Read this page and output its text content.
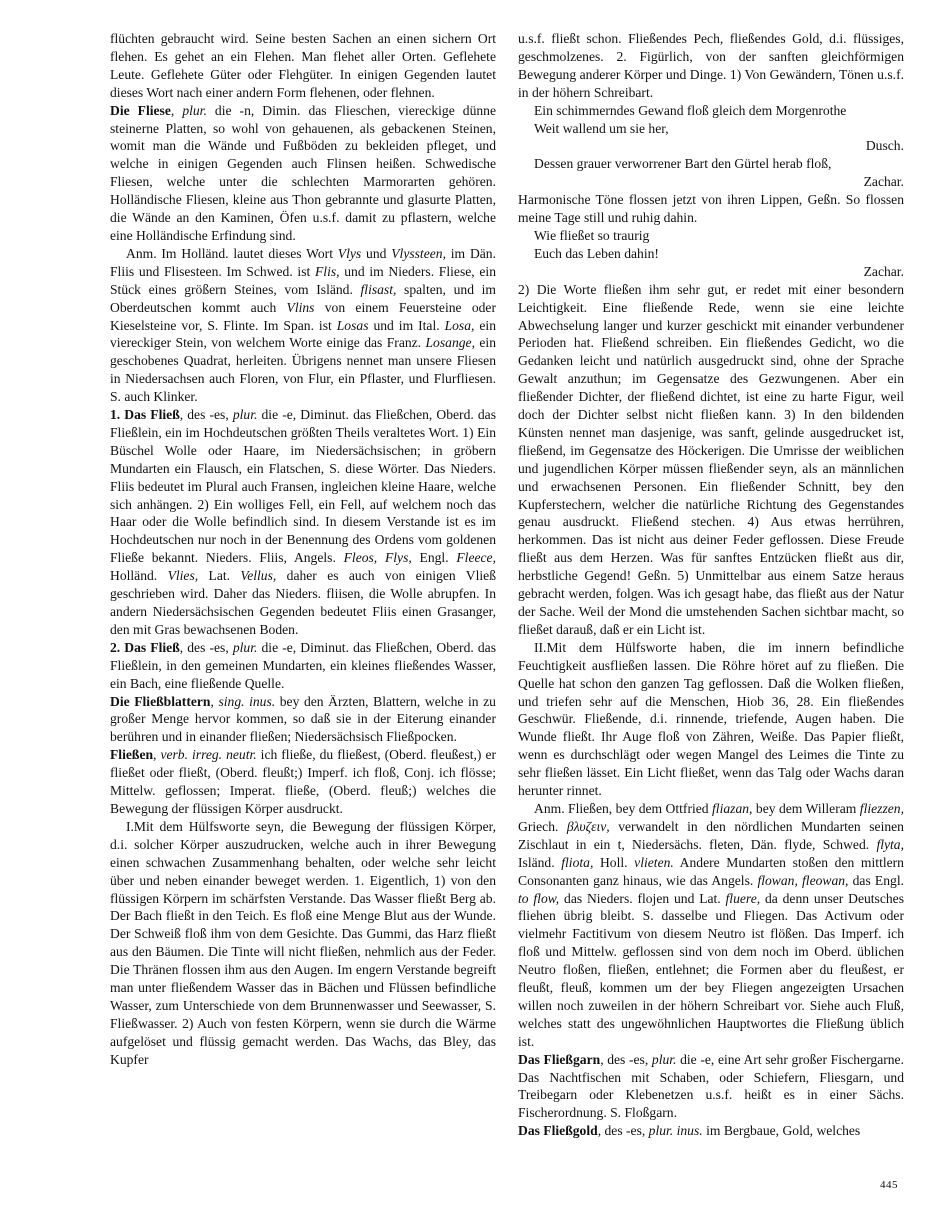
flüchten gebraucht wird. Seine besten Sachen an einen sichern Ort flehen. Es gehet an ein Flehen. Man flehet aller Orten. Geflehete Leute. Geflehete Güter oder Flehgüter. In einigen Gegenden lautet dieses Wort nach einer andern Form flehenen, oder flehnen.

Die Fliese, plur. die -n, Dimin. das Flieschen, viereckige dünne steinerne Platten, so wohl von gehauenen, als gebackenen Steinen, womit man die Wände und Fußböden zu bekleiden pfleget, und welche in einigen Gegenden auch Flinsen heißen. Schwedische Fliesen, welche unter die schlechten Marmorarten gehören. Holländische Fliesen, kleine aus Thon gebrannte und glasurte Platten, die Wände an den Kaminen, Öfen u.s.f. damit zu pflastern, welche eine Holländische Erfindung sind.

Anm. Im Holländ. lautet dieses Wort Vlys und Vlyssteen, im Dän. Fliis und Flisesteen. Im Schwed. ist Flis, und im Nieders. Fliese, ein Stück eines größern Steines, vom Isländ. flisast, spalten, und im Oberdeutschen kommt auch Vlins von einem Feuersteine oder Kieselsteine vor, S. Flinte. Im Span. ist Losas und im Ital. Losa, ein viereckiger Stein, von welchem Worte einige das Franz. Losange, ein geschobenes Quadrat, herleiten. Übrigens nennet man unsere Fliesen in Niedersachsen auch Floren, von Flur, ein Pflaster, und Flurfliesen. S. auch Klinker.

1. Das Fließ, des -es, plur. die -e, Diminut. das Fließchen, Oberd. das Fließlein, ein im Hochdeutschen größten Theils veraltetes Wort. 1) Ein Büschel Wolle oder Haare, im Niedersächsischen; in gröbern Mundarten ein Flausch, ein Flatschen, S. diese Wörter. Das Nieders. Fliis bedeutet im Plural auch Fransen, ingleichen kleine Haare, welche sich anhängen. 2) Ein wolliges Fell, ein Fell, auf welchem noch das Haar oder die Wolle befindlich sind. In diesem Verstande ist es im Hochdeutschen nur noch in der Benennung des Ordens vom goldenen Fließe bekannt. Nieders. Fliis, Angels. Fleos, Flys, Engl. Fleece, Holländ. Vlies, Lat. Vellus, daher es auch von einigen Vließ geschrieben wird. Daher das Nieders. fliisen, die Wolle abrupfen. In andern Niedersächsischen Gegenden bedeutet Fliis einen Grasanger, den mit Gras bewachsenen Boden.

2. Das Fließ, des -es, plur. die -e, Diminut. das Fließchen, Oberd. das Fließlein, in den gemeinen Mundarten, ein kleines fließendes Wasser, ein Bach, eine fließende Quelle.

Die Fließblattern, sing. inus. bey den Ärzten, Blattern, welche in zu großer Menge hervor kommen, so daß sie in der Eiterung einander berühren und in einander fließen; Niedersächsisch Fließpocken.

Fließen, verb. irreg. neutr. ich fließe, du fließest, (Oberd. fleußest,) er fließet oder fließt, (Oberd. fleußt;) Imperf. ich floß, Conj. ich flösse; Mittelw. geflossen; Imperat. fließe, (Oberd. fleuß;) welches die Bewegung der flüssigen Körper ausdruckt.

I.Mit dem Hülfsworte seyn, die Bewegung der flüssigen Körper, d.i. solcher Körper auszudrucken, welche auch in ihrer Bewegung einen schwachen Zusammenhang behalten, oder welche sehr leicht über und neben einander beweget werden. 1. Eigentlich, 1) von den flüssigen Körpern im schärfsten Verstande. Das Wasser fließt Berg ab. Der Bach fließt in den Teich. Es floß eine Menge Blut aus der Wunde. Der Schweiß floß ihm von dem Gesichte. Das Gummi, das Harz fließt aus den Bäumen. Die Tinte will nicht fließen, nehmlich aus der Feder. Die Thränen flossen ihm aus den Augen. Im engern Verstande begreift man unter fließendem Wasser das in Bächen und Flüssen befindliche Wasser, zum Unterschiede von dem Brunnenwasser und Seewasser, S. Fließwasser. 2) Auch von festen Körpern, wenn sie durch die Wärme aufgelöset und flüssig gemacht werden. Das Wachs, das Bley, das Kupfer

u.s.f. fließt schon. Fließendes Pech, fließendes Gold, d.i. flüssiges, geschmolzenes. 2. Figürlich, von der sanften gleichförmigen Bewegung anderer Körper und Dinge. 1) Von Gewändern, Tönen u.s.f. in der höhern Schreibart.

Ein schimmerndes Gewand floß gleich dem Morgenrothe

Weit wallend um sie her,

Dusch.

Dessen grauer verworrener Bart den Gürtel herab floß,

Zachar.

Harmonische Töne flossen jetzt von ihren Lippen, Geßn. So flossen meine Tage still und ruhig dahin.

Wie fließet so traurig

Euch das Leben dahin!

Zachar.

2) Die Worte fließen ihm sehr gut, er redet mit einer besondern Leichtigkeit. Eine fließende Rede, wenn sie eine leichte Abwechselung langer und kurzer geschickt mit einander verbundener Perioden hat. Fließend schreiben. Ein fließendes Gedicht, wo die Gedanken leicht und natürlich ausgedruckt sind, ohne der Sprache Gewalt anzuthun; im Gegensatze des Gezwungenen. Aber ein fließender Dichter, der fließend dichtet, ist eine zu harte Figur, weil doch der Dichter selbst nicht fließen kann. 3) In den bildenden Künsten nennet man dasjenige, was sanft, gelinde ausgedrucket ist, fließend, im Gegensatze des Höckerigen. Die Umrisse der weiblichen und jugendlichen Körper müssen fließender seyn, als an männlichen und erwachsenen Personen. Ein fließender Schnitt, bey den Kupferstechern, welcher die natürliche Richtung des Gegenstandes genau ausdruckt. Fließend stechen. 4) Aus etwas herrühren, herkommen. Das ist nicht aus deiner Feder geflossen. Diese Freude fließt aus dem Herzen. Was für sanftes Entzücken fließt aus dir, herbstliche Gegend! Geßn. 5) Unmittelbar aus einem Satze heraus gebracht werden, folgen. Was ich gesagt habe, das fließt aus der Natur der Sache. Weil der Mond die umstehenden Sachen sichtbar macht, so fließet darauß, daß er ein Licht ist.

II.Mit dem Hülfsworte haben, die im innern befindliche Feuchtigkeit ausfließen lassen. Die Röhre höret auf zu fließen. Die Quelle hat schon den ganzen Tag geflossen. Daß die Wolken fließen, und triefen sehr auf die Menschen, Hiob 36, 28. Ein fließendes Geschwür. Fließende, d.i. rinnende, triefende, Augen haben. Die Wunde fließt. Ihr Auge floß von Zähren, Weiße. Das Papier fließt, wenn es durchschlägt oder wegen Mangel des Leimes die Tinte zu sehr fließen lässet. Ein Licht fließet, wenn das Talg oder Wachs daran herunter rinnet.

Anm. Fließen, bey dem Ottfried fliazan, bey dem Willeram fliezzen, Griech. βλυζειν, verwandelt in den nördlichen Mundarten seinen Zischlaut in ein t, Niedersächs. fleten, Dän. flyde, Schwed. flyta, Isländ. fliota, Holl. vlieten. Andere Mundarten stoßen den mittlern Consonanten ganz hinaus, wie das Angels. flowan, fleowan, das Engl. to flow, das Nieders. flojen und Lat. fluere, da denn unser Deutsches fliehen übrig bleibt. S. dasselbe und Fliegen. Das Activum oder vielmehr Factitivum von diesem Neutro ist flößen. Das Imperf. ich floß und Mittelw. geflossen sind von dem noch im Oberd. üblichen Neutro floßen, fließen, entlehnet; die Formen aber du fleußest, er fleußt, fleuß, kommen um der bey Fliegen angezeigten Ursachen willen noch zuweilen in der höhern Schreibart vor. Siehe auch Fluß, welches statt des ungewöhnlichen Hauptwortes die Fließung üblich ist.

Das Fließgarn, des -es, plur. die -e, eine Art sehr großer Fischergarne. Das Nachtfischen mit Schaben, oder Schiefern, Fliesgarn, und Treibegarn oder Klebenetzen u.s.f. heißt es in einer Sächs. Fischerordnung. S. Floßgarn.

Das Fließgold, des -es, plur. inus. im Bergbaue, Gold, welches

445
